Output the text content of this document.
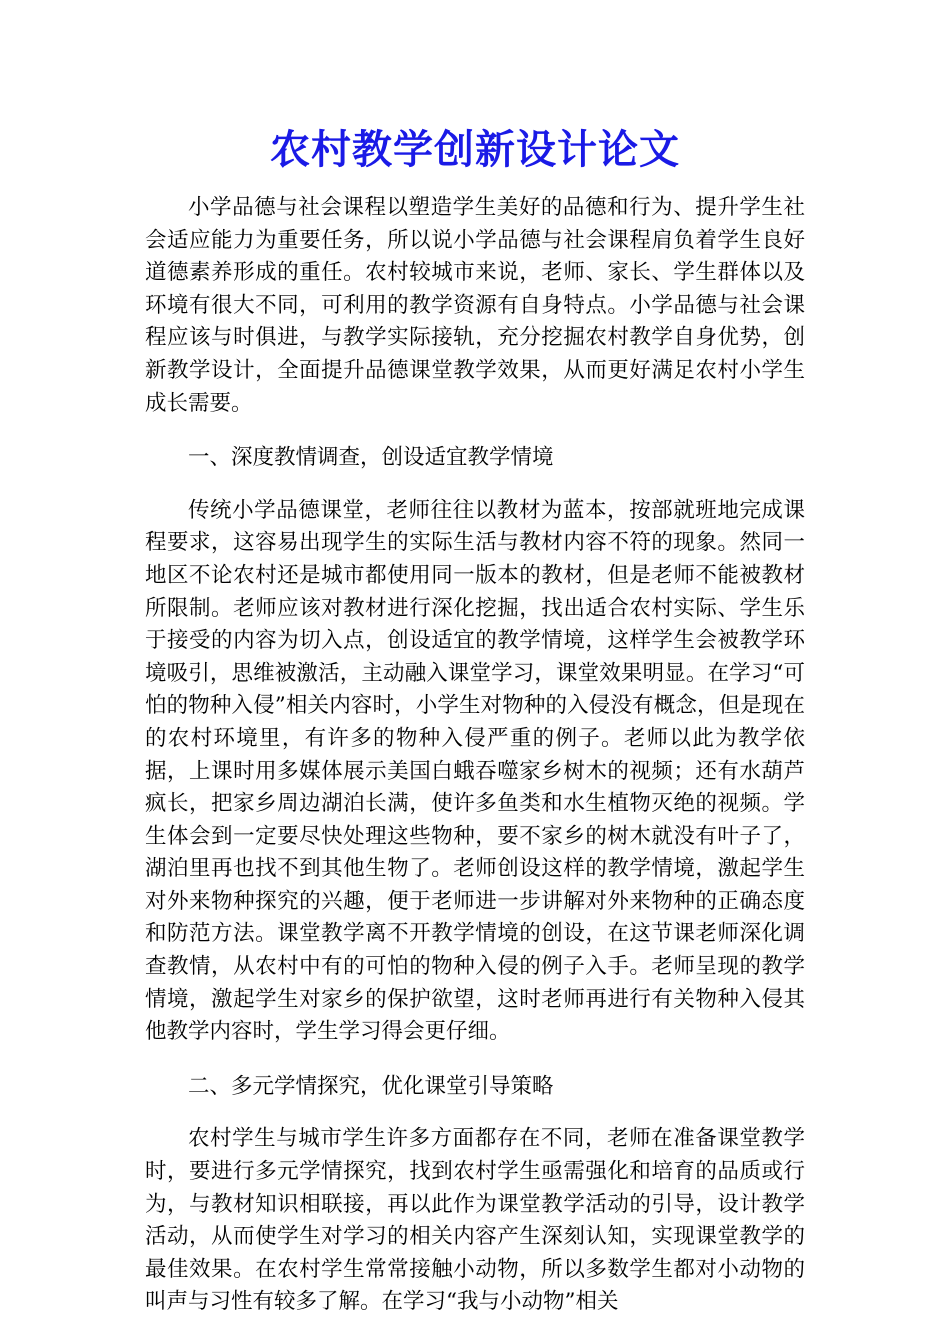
农村教学创新设计论文

小学品德与社会课程以塑造学生美好的品德和行为、提升学生社会适应能力为重要任务，所以说小学品德与社会课程肩负着学生良好道德素养形成的重任。农村较城市来说，老师、家长、学生群体以及环境有很大不同，可利用的教学资源有自身特点。小学品德与社会课程应该与时俱进，与教学实际接轨，充分挖掘农村教学自身优势，创新教学设计，全面提升品德课堂教学效果，从而更好满足农村小学生成长需要。

一、深度教情调查，创设适宜教学情境

传统小学品德课堂，老师往往以教材为蓝本，按部就班地完成课程要求，这容易出现学生的实际生活与教材内容不符的现象。然同一地区不论农村还是城市都使用同一版本的教材，但是老师不能被教材所限制。老师应该对教材进行深化挖掘，找出适合农村实际、学生乐于接受的内容为切入点，创设适宜的教学情境，这样学生会被教学环境吸引，思维被激活，主动融入课堂学习，课堂效果明显。在学习“可怕的物种入侵”相关内容时，小学生对物种的入侵没有概念，但是现在的农村环境里，有许多的物种入侵严重的例子。老师以此为教学依据，上课时用多媒体展示美国白蛾吞噬家乡树木的视频；还有水葫芦疯长，把家乡周边湖泊长满，使许多鱼类和水生植物灭绝的视频。学生体会到一定要尽快处理这些物种，要不家乡的树木就没有叶子了，湖泊里再也找不到其他生物了。老师创设这样的教学情境，激起学生对外来物种探究的兴趣，便于老师进一步讲解对外来物种的正确态度和防范方法。课堂教学离不开教学情境的创设，在这节课老师深化调查教情，从农村中有的可怕的物种入侵的例子入手。老师呈现的教学情境，激起学生对家乡的保护欲望，这时老师再进行有关物种入侵其他教学内容时，学生学习得会更仔细。

二、多元学情探究，优化课堂引导策略

农村学生与城市学生许多方面都存在不同，老师在准备课堂教学时，要进行多元学情探究，找到农村学生亟需强化和培育的品质或行为，与教材知识相联接，再以此作为课堂教学活动的引导，设计教学活动，从而使学生对学习的相关内容产生深刻认知，实现课堂教学的最佳效果。在农村学生常常接触小动物，所以多数学生都对小动物的叫声与习性有较多了解。在学习“我与小动物”相关
